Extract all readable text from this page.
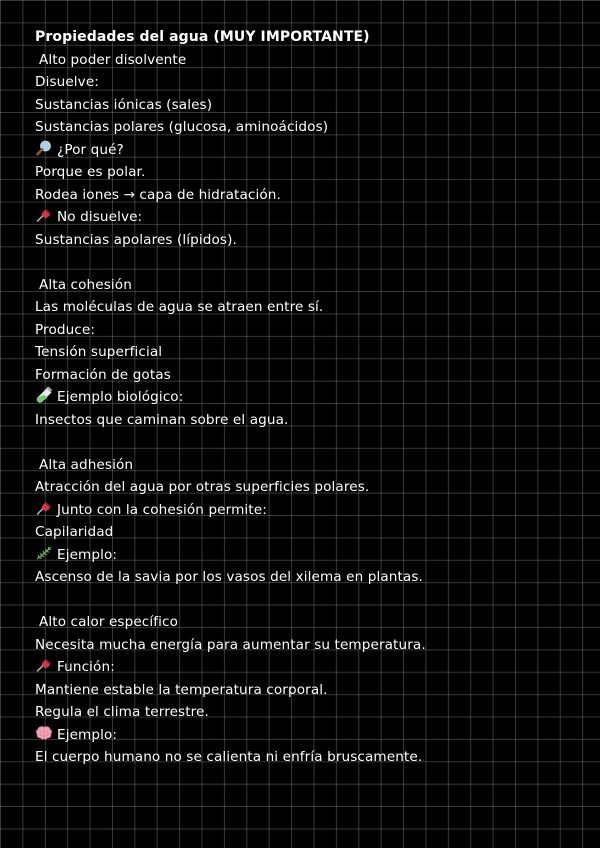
Propiedades del agua (MUY IMPORTANTE)
Alto poder disolvente
Disuelve:
Sustancias iónicas (sales)
Sustancias polares (glucosa, aminoácidos)
¿Por qué?
Porque es polar.
Rodea iones → capa de hidratación.
No disuelve:
Sustancias apolares (lípidos).
Alta cohesión
Las moléculas de agua se atraen entre sí.
Produce:
Tensión superficial
Formación de gotas
Ejemplo biológico:
Insectos que caminan sobre el agua.
Alta adhesión
Atracción del agua por otras superficies polares.
Junto con la cohesión permite:
Capilaridad
Ejemplo:
Ascenso de la savia por los vasos del xilema en plantas.
Alto calor específico
Necesita mucha energía para aumentar su temperatura.
Función:
Mantiene estable la temperatura corporal.
Regula el clima terrestre.
Ejemplo:
El cuerpo humano no se calienta ni enfría bruscamente.
